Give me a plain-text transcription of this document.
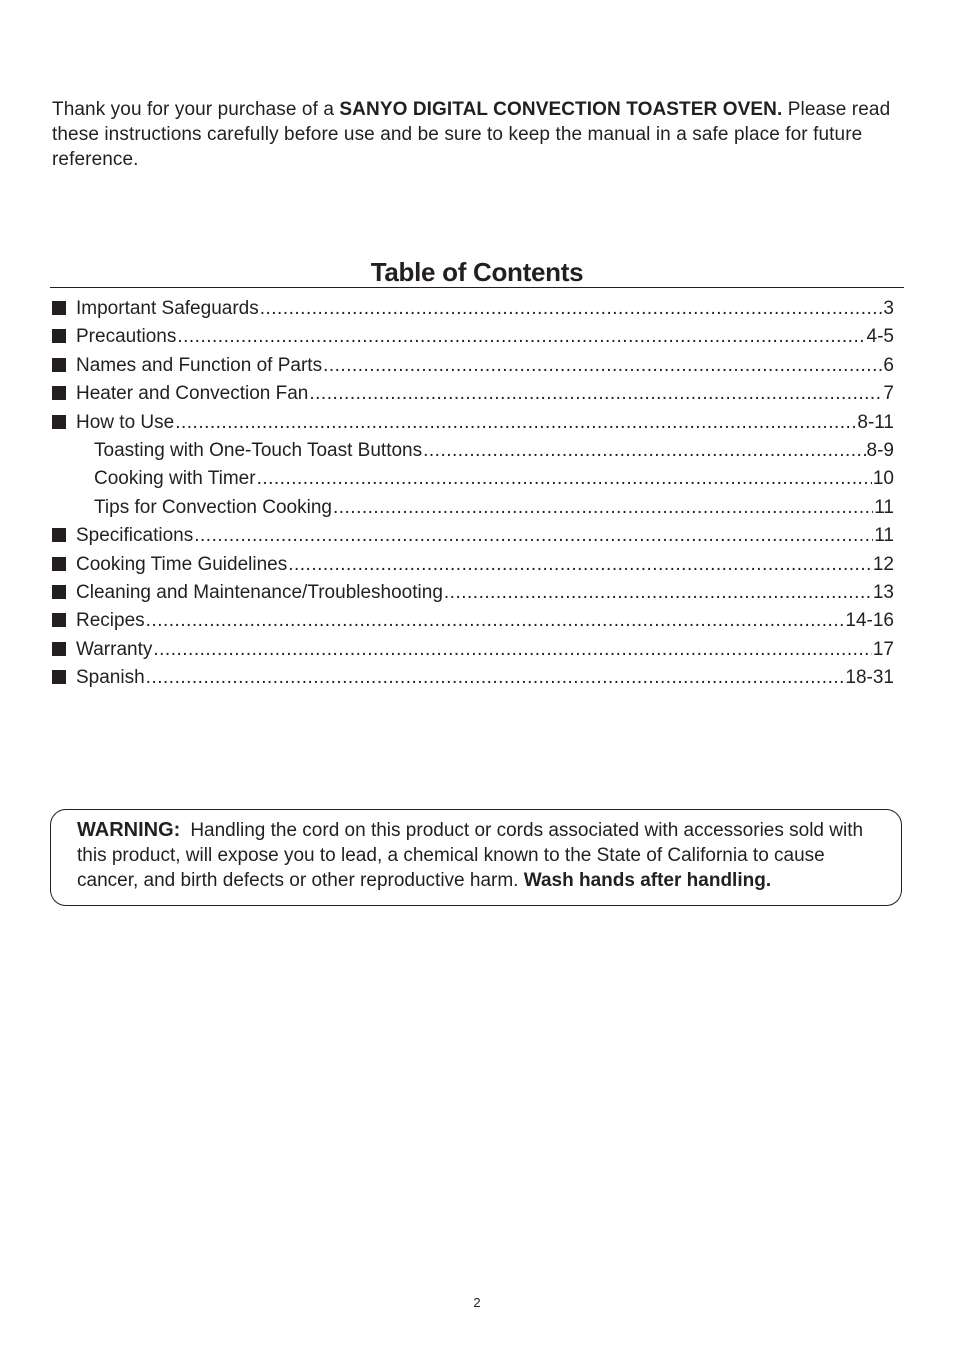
Thank you for your purchase of a SANYO DIGITAL CONVECTION TOASTER OVEN. Please read these instructions carefully before use and be sure to keep the manual in a safe place for future reference.
Table of Contents
Important Safeguards .....	3
Precautions .....	4-5
Names and Function of Parts .....	6
Heater and Convection Fan .....	7
How to Use .....	8-11
Toasting with One-Touch Toast Buttons .....	8-9
Cooking with Timer .....	10
Tips for Convection Cooking .....	11
Specifications .....	11
Cooking Time Guidelines .....	12
Cleaning and Maintenance/Troubleshooting .....	13
Recipes .....	14-16
Warranty .....	17
Spanish .....	18-31
WARNING: Handling the cord on this product or cords associated with accessories sold with this product, will expose you to lead, a chemical known to the State of California to cause cancer, and birth defects or other reproductive harm. Wash hands after handling.
2
